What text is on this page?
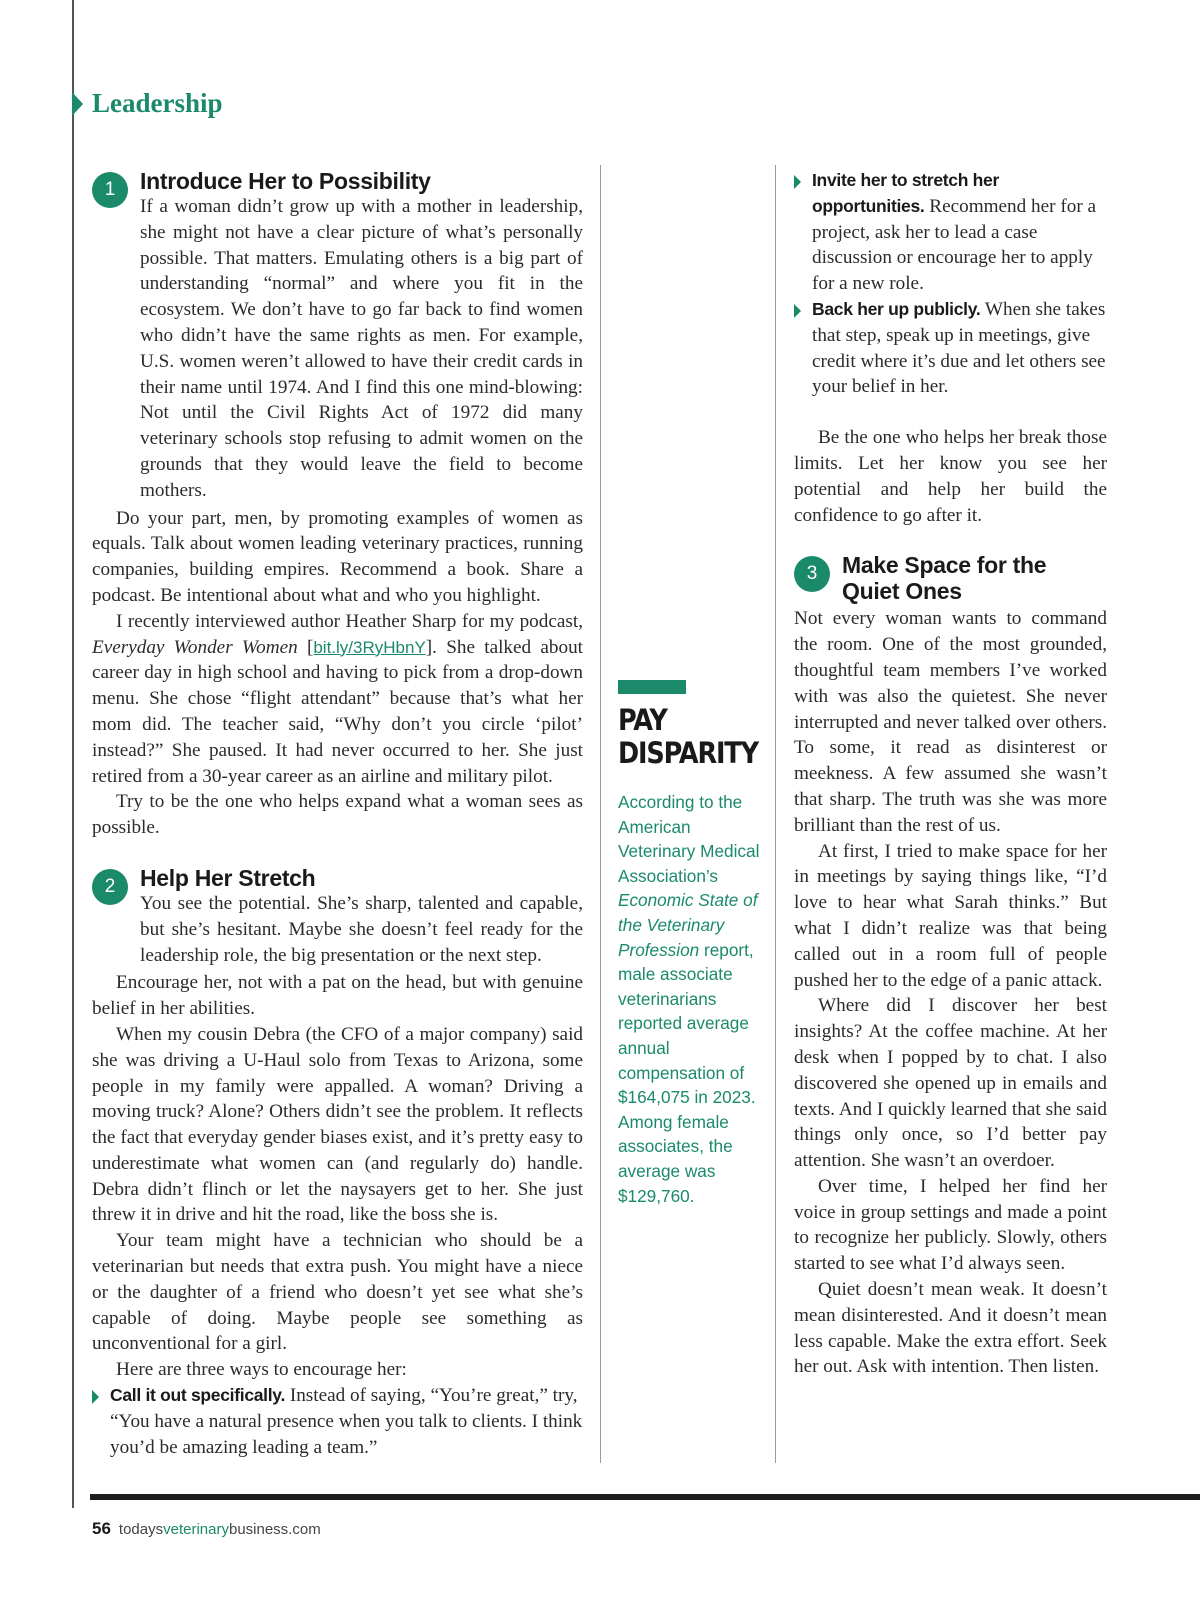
Leadership
1	Introduce Her to Possibility

If a woman didn’t grow up with a mother in leadership, she might not have a clear picture of what’s personally possible. That matters. Emulating others is a big part of understanding “normal” and where you fit in the ecosystem. We don’t have to go far back to find women who didn’t have the same rights as men. For example, U.S. women weren’t allowed to have their credit cards in their name until 1974. And I find this one mind-blowing: Not until the Civil Rights Act of 1972 did many veterinary schools stop refusing to admit women on the grounds that they would leave the field to become mothers.

Do your part, men, by promoting examples of women as equals. Talk about women leading veterinary practices, running companies, building empires. Recommend a book. Share a podcast. Be intentional about what and who you highlight.

I recently interviewed author Heather Sharp for my podcast, Everyday Wonder Women [bit.ly/3RyHbnY]. She talked about career day in high school and having to pick from a drop-down menu. She chose “flight attendant” because that’s what her mom did. The teacher said, “Why don’t you circle ‘pilot’ instead?” She paused. It had never occurred to her. She just retired from a 30-year career as an airline and military pilot.

Try to be the one who helps expand what a woman sees as possible.

2	Help Her Stretch

You see the potential. She’s sharp, talented and capable, but she’s hesitant. Maybe she doesn’t feel ready for the leadership role, the big presentation or the next step.

Encourage her, not with a pat on the head, but with genuine belief in her abilities.

When my cousin Debra (the CFO of a major company) said she was driving a U-Haul solo from Texas to Arizona, some people in my family were appalled. A woman? Driving a moving truck? Alone? Others didn’t see the problem. It reflects the fact that everyday gender biases exist, and it’s pretty easy to underestimate what women can (and regularly do) handle. Debra didn’t flinch or let the naysayers get to her. She just threw it in drive and hit the road, like the boss she is.

Your team might have a technician who should be a veterinarian but needs that extra push. You might have a niece or the daughter of a friend who doesn’t yet see what she’s capable of doing. Maybe people see something as unconventional for a girl.

Here are three ways to encourage her:

Call it out specifically. Instead of saying, “You’re great,” try, “You have a natural presence when you talk to clients. I think you’d be amazing leading a team.”

PAY
DISPARITY
According to the American Veterinary Medical Association’s Economic State of the Veterinary Profession report, male associate veterinarians reported average annual compensation of $164,075 in 2023. Among female associates, the average was $129,760.

Invite her to stretch her opportunities. Recommend her for a project, ask her to lead a case discussion or encourage her to apply for a new role.

Back her up publicly. When she takes that step, speak up in meetings, give credit where it’s due and let others see your belief in her.

Be the one who helps her break those limits. Let her know you see her potential and help her build the confidence to go after it.

3	Make Space for the
Quiet Ones

Not every woman wants to command the room. One of the most grounded, thoughtful team members I’ve worked with was also the quietest. She never interrupted and never talked over others. To some, it read as disinterest or meekness. A few assumed she wasn’t that sharp. The truth was she was more brilliant than the rest of us.

At first, I tried to make space for her in meetings by saying things like, “I’d love to hear what Sarah thinks.” But what I didn’t realize was that being called out in a room full of people pushed her to the edge of a panic attack.

Where did I discover her best insights? At the coffee machine. At her desk when I popped by to chat. I also discovered she opened up in emails and texts. And I quickly learned that she said things only once, so I’d better pay attention. She wasn’t an overdoer.

Over time, I helped her find her voice in group settings and made a point to recognize her publicly. Slowly, others started to see what I’d always seen.

Quiet doesn’t mean weak. It doesn’t mean disinterested. And it doesn’t mean less capable. Make the extra effort. Seek her out. Ask with intention. Then listen.

56 todaysveterinarybusiness.com
